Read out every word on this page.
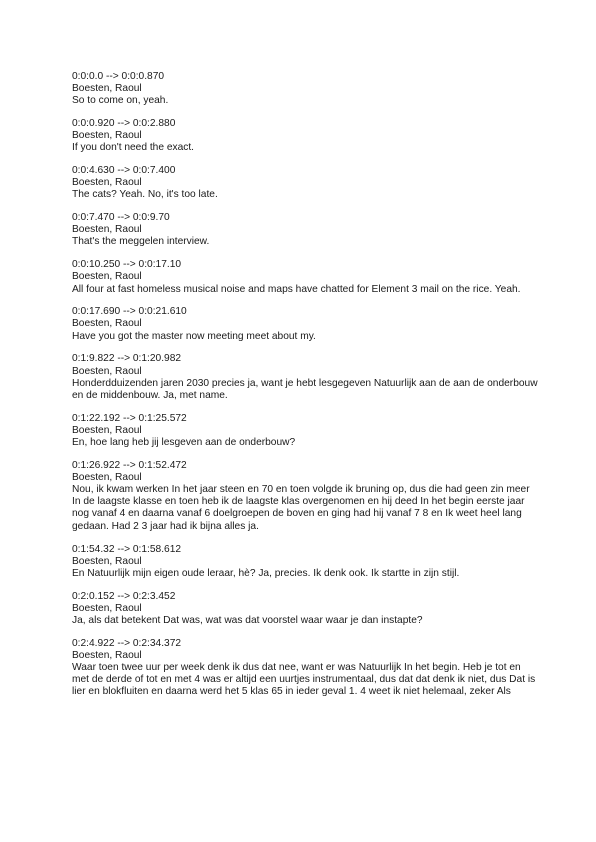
0:0:0.0 --> 0:0:0.870
Boesten, Raoul
So to come on, yeah.
0:0:0.920 --> 0:0:2.880
Boesten, Raoul
If you don't need the exact.
0:0:4.630 --> 0:0:7.400
Boesten, Raoul
The cats? Yeah. No, it's too late.
0:0:7.470 --> 0:0:9.70
Boesten, Raoul
That's the meggelen interview.
0:0:10.250 --> 0:0:17.10
Boesten, Raoul
All four at fast homeless musical noise and maps have chatted for Element 3 mail on the rice. Yeah.
0:0:17.690 --> 0:0:21.610
Boesten, Raoul
Have you got the master now meeting meet about my.
0:1:9.822 --> 0:1:20.982
Boesten, Raoul
Honderdduizenden jaren 2030 precies ja, want je hebt lesgegeven Natuurlijk aan de aan de onderbouw en de middenbouw. Ja, met name.
0:1:22.192 --> 0:1:25.572
Boesten, Raoul
En, hoe lang heb jij lesgeven aan de onderbouw?
0:1:26.922 --> 0:1:52.472
Boesten, Raoul
Nou, ik kwam werken In het jaar steen en 70 en toen volgde ik bruning op, dus die had geen zin meer In de laagste klasse en toen heb ik de laagste klas overgenomen en hij deed In het begin eerste jaar nog vanaf 4 en daarna vanaf 6 doelgroepen de boven en ging had hij vanaf 7 8 en Ik weet heel lang gedaan. Had 2 3 jaar had ik bijna alles ja.
0:1:54.32 --> 0:1:58.612
Boesten, Raoul
En Natuurlijk mijn eigen oude leraar, hè? Ja, precies. Ik denk ook. Ik startte in zijn stijl.
0:2:0.152 --> 0:2:3.452
Boesten, Raoul
Ja, als dat betekent Dat was, wat was dat voorstel waar waar je dan instapte?
0:2:4.922 --> 0:2:34.372
Boesten, Raoul
Waar toen twee uur per week denk ik dus dat nee, want er was Natuurlijk In het begin. Heb je tot en met de derde of tot en met 4 was er altijd een uurtjes instrumentaal, dus dat dat denk ik niet, dus Dat is lier en blokfluiten en daarna werd het 5 klas 65 in ieder geval 1. 4 weet ik niet helemaal, zeker Als
